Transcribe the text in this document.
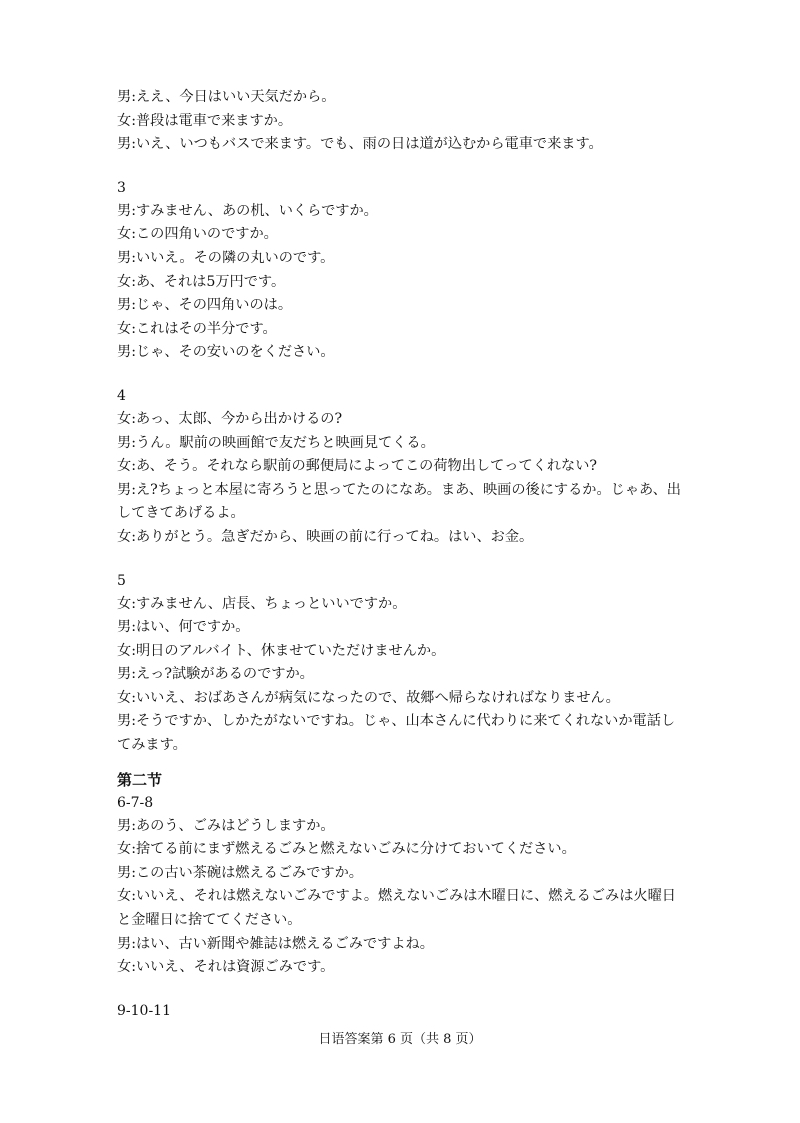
男:ええ、今日はいい天気だから。
女:普段は電車で来ますか。
男:いえ、いつもバスで来ます。でも、雨の日は道が込むから電車で来ます。
3
男:すみません、あの机、いくらですか。
女:この四角いのですか。
男:いいえ。その隣の丸いのです。
女:あ、それは5万円です。
男:じゃ、その四角いのは。
女:これはその半分です。
男:じゃ、その安いのをください。
4
女:あっ、太郎、今から出かけるの?
男:うん。駅前の映画館で友だちと映画見てくる。
女:あ、そう。それなら駅前の郵便局によってこの荷物出してってくれない?
男:え?ちょっと本屋に寄ろうと思ってたのになあ。まあ、映画の後にするか。じゃあ、出
してきてあげるよ。
女:ありがとう。急ぎだから、映画の前に行ってね。はい、お金。
5
女:すみません、店長、ちょっといいですか。
男:はい、何ですか。
女:明日のアルバイト、休ませていただけませんか。
男:えっ?試験があるのですか。
女:いいえ、おばあさんが病気になったので、故郷へ帰らなければなりません。
男:そうですか、しかたがないですね。じゃ、山本さんに代わりに来てくれないか電話し
てみます。
第二节
6-7-8
男:あのう、ごみはどうしますか。
女:捨てる前にまず燃えるごみと燃えないごみに分けておいてください。
男:この古い茶碗は燃えるごみですか。
女:いいえ、それは燃えないごみですよ。燃えないごみは木曜日に、燃えるごみは火曜日
と金曜日に捨ててください。
男:はい、古い新聞や雑誌は燃えるごみですよね。
女:いいえ、それは資源ごみです。
9-10-11
日语答案第 6 页（共 8 页）
